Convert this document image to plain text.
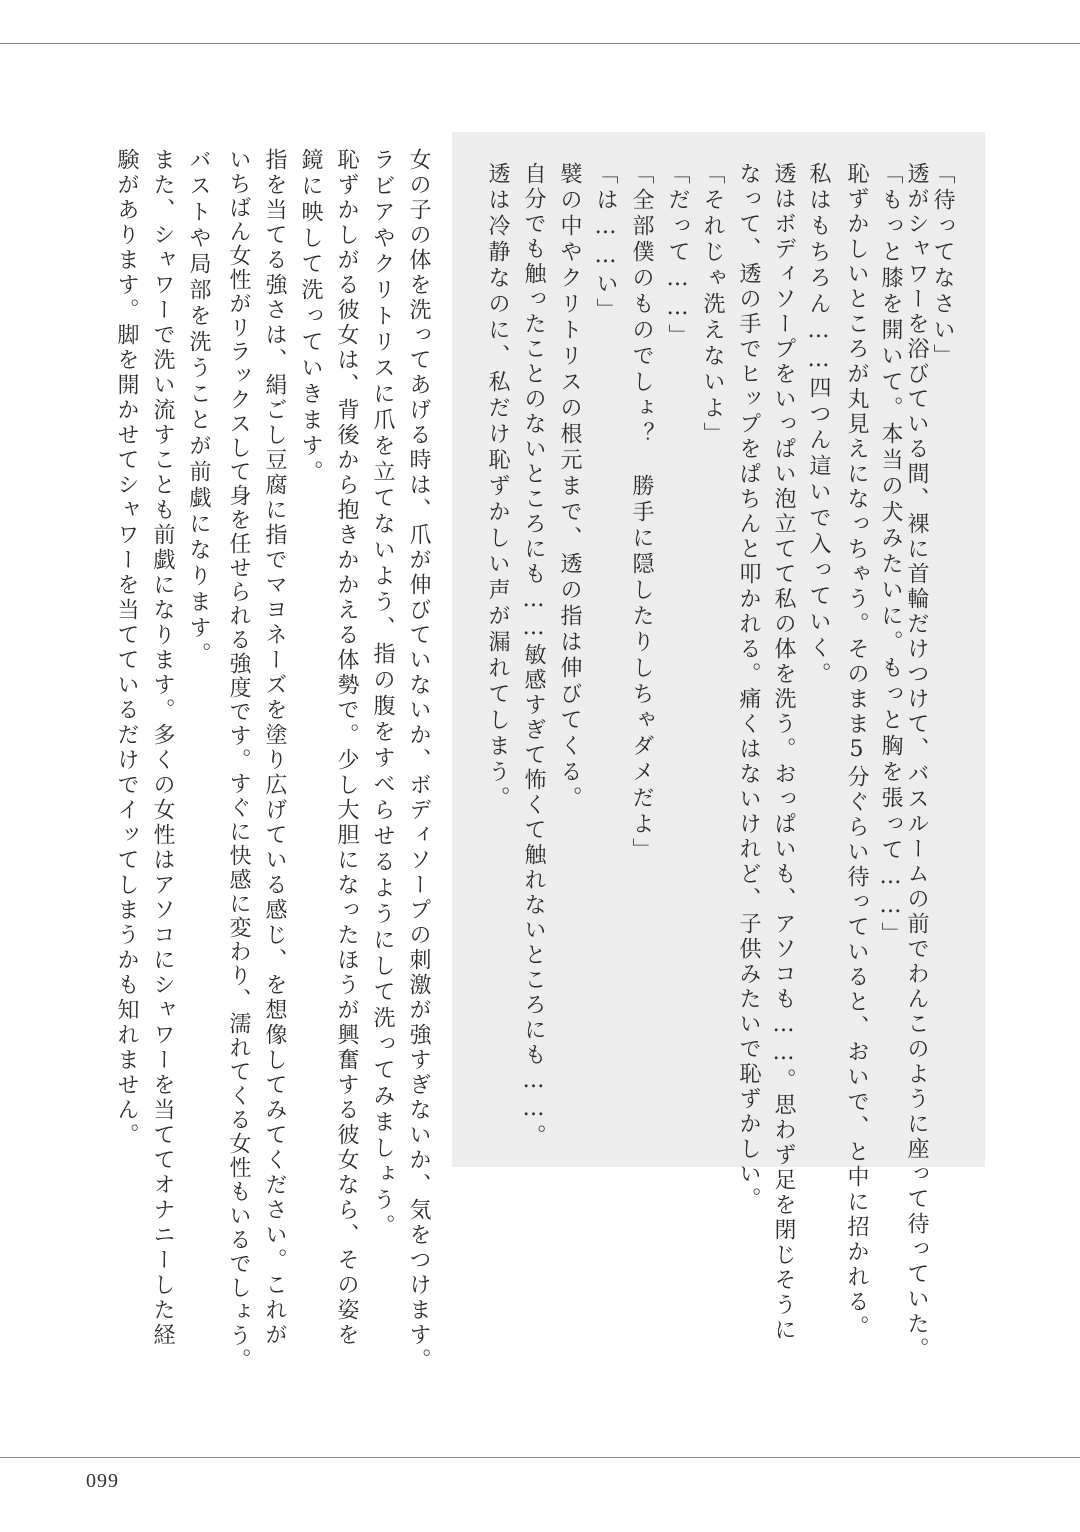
「待ってなさい」
透がシャワーを浴びている間、裸に首輪だけつけて、バスルームの前でわんこのように座って待っていた。
「もっと膝を開いて。本当の犬みたいに。もっと胸を張って……」
恥ずかしいところが丸見えになっちゃう。そのまま5分ぐらい待っていると、おいで、と中に招かれる。
私はもちろん……四つん這いで入っていく。
透はボディソープをいっぱい泡立てて私の体を洗う。おっぱいも、アソコも……。思わず足を閉じそうに
なって、透の手でヒップをぱちんと叩かれる。痛くはないけれど、子供みたいで恥ずかしい。
「それじゃ洗えないよ」
「だって……」
「全部僕のものでしょ？　勝手に隠したりしちゃダメだよ」
「は……い」
襞の中やクリトリスの根元まで、透の指は伸びてくる。
自分でも触ったことのないところにも……敏感すぎて怖くて触れないところにも……。
透は冷静なのに、私だけ恥ずかしい声が漏れてしまう。
女の子の体を洗ってあげる時は、爪が伸びていないか、ボディソープの刺激が強すぎないか、気をつけます。
ラビアやクリトリスに爪を立てないよう、指の腹をすべらせるようにして洗ってみましょう。
恥ずかしがる彼女は、背後から抱きかかえる体勢で。少し大胆になったほうが興奮する彼女なら、その姿を
鏡に映して洗っていきます。
指を当てる強さは、絹ごし豆腐に指でマヨネーズを塗り広げている感じ、を想像してみてください。これが
いちばん女性がリラックスして身を任せられる強度です。すぐに快感に変わり、濡れてくる女性もいるでしょう。
バストや局部を洗うことが前戯になります。
また、シャワーで洗い流すことも前戯になります。多くの女性はアソコにシャワーを当ててオナニーした経
験があります。脚を開かせてシャワーを当てているだけでイッてしまうかも知れません。
099
